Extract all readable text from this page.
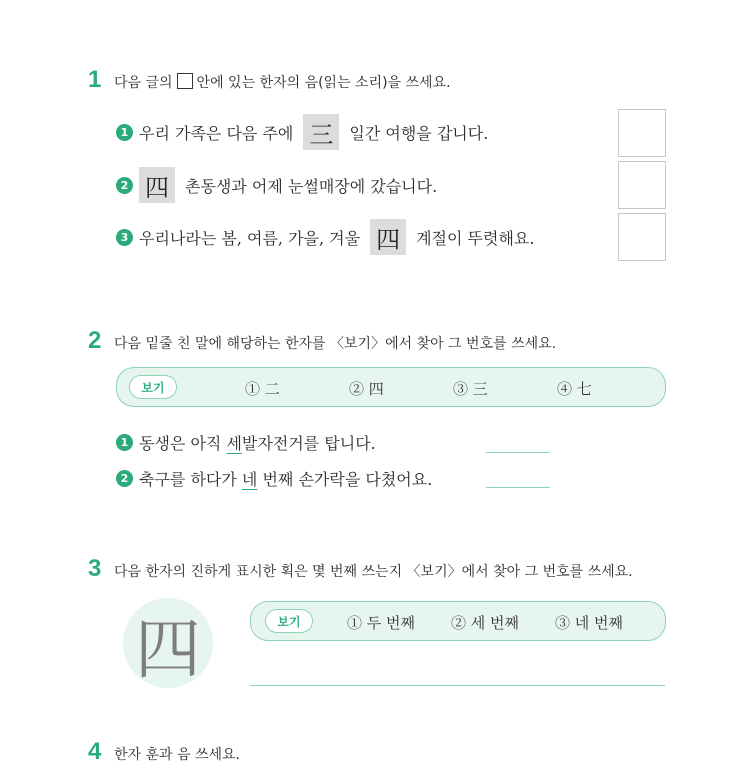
1 다음 글의 안에 있는 한자의 음(읽는 소리)을 쓰세요.
1 우리 가족은 다음 주에 三	일간 여행을 갑니다.
2 四	촌동생과 어제 눈썰매장에 갔습니다.
3 우리나라는 봄, 여름, 가을, 겨울 四	계절이 뚜렷해요.
2 다음 밑줄 친 말에 해당하는 한자를 〈보기〉에서 찾아 그 번호를 쓰세요.
보기	① 二	② 四	③ 三	④ 七
1 동생은 아직 세 발자전거를 탑니다.
2 축구를 하다가 네 번째 손가락을 다쳤어요.
3 다음 한자의 진하게 표시한 획은 몇 번째 쓰는지 〈보기〉에서 찾아 그 번호를 쓰세요.
四	보기	① 두 번째 ② 세 번째 ③ 네 번째
4 한자 훈과 음 쓰세요.
